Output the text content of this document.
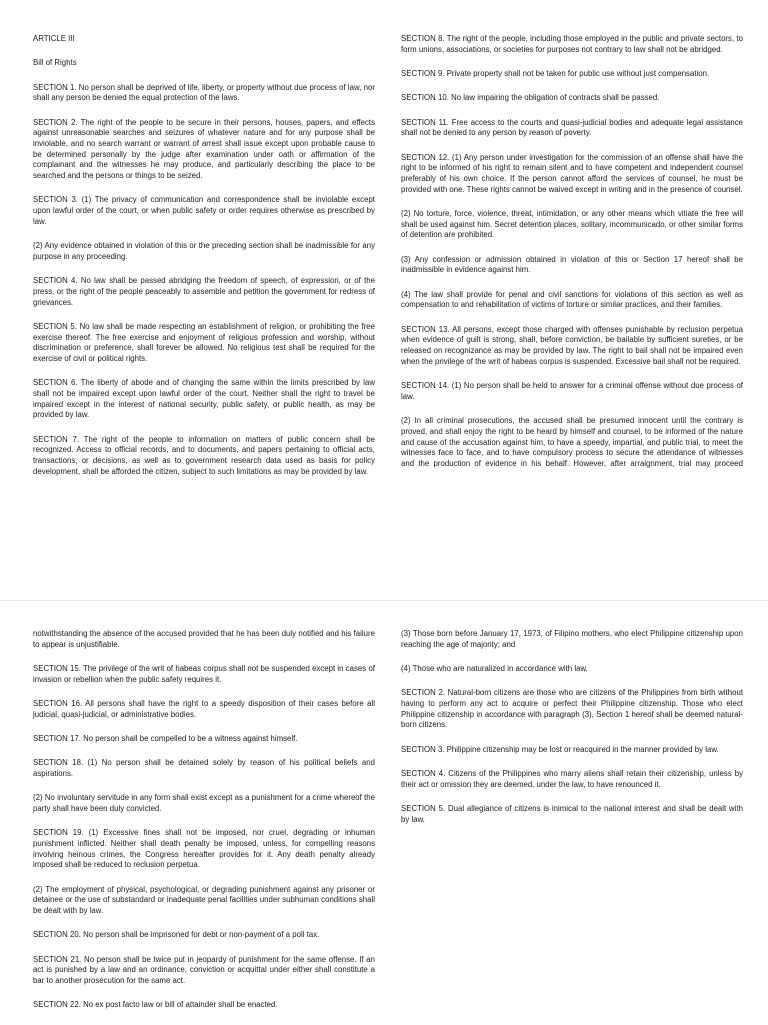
ARTICLE III

Bill of Rights

SECTION 1. No person shall be deprived of life, liberty, or property without due process of law, nor shall any person be denied the equal protection of the laws.

SECTION 2. The right of the people to be secure in their persons, houses, papers, and effects against unreasonable searches and seizures of whatever nature and for any purpose shall be inviolable, and no search warrant or warrant of arrest shall issue except upon probable cause to be determined personally by the judge after examination under oath or affirmation of the complainant and the witnesses he may produce, and particularly describing the place to be searched and the persons or things to be seized.

SECTION 3. (1) The privacy of communication and correspondence shall be inviolable except upon lawful order of the court, or when public safety or order requires otherwise as prescribed by law.

(2) Any evidence obtained in violation of this or the preceding section shall be inadmissible for any purpose in any proceeding.

SECTION 4. No law shall be passed abridging the freedom of speech, of expression, or of the press, or the right of the people peaceably to assemble and petition the government for redress of grievances.

SECTION 5. No law shall be made respecting an establishment of religion, or prohibiting the free exercise thereof. The free exercise and enjoyment of religious profession and worship, without discrimination or preference, shall forever be allowed. No religious test shall be required for the exercise of civil or political rights.

SECTION 6. The liberty of abode and of changing the same within the limits prescribed by law shall not be impaired except upon lawful order of the court. Neither shall the right to travel be impaired except in the interest of national security, public safety, or public health, as may be provided by law.

SECTION 7. The right of the people to information on matters of public concern shall be recognized. Access to official records, and to documents, and papers pertaining to official acts, transactions, or decisions, as well as to government research data used as basis for policy development, shall be afforded the citizen, subject to such limitations as may be provided by law.

SECTION 8. The right of the people, including those employed in the public and private sectors, to form unions, associations, or societies for purposes not contrary to law shall not be abridged.

SECTION 9. Private property shall not be taken for public use without just compensation.

SECTION 10. No law impairing the obligation of contracts shall be passed.

SECTION 11. Free access to the courts and quasi-judicial bodies and adequate legal assistance shall not be denied to any person by reason of poverty.

SECTION 12. (1) Any person under investigation for the commission of an offense shall have the right to be informed of his right to remain silent and to have competent and independent counsel preferably of his own choice. If the person cannot afford the services of counsel, he must be provided with one. These rights cannot be waived except in writing and in the presence of counsel.

(2) No torture, force, violence, threat, intimidation, or any other means which vitiate the free will shall be used against him. Secret detention places, solitary, incommunicado, or other similar forms of detention are prohibited.

(3) Any confession or admission obtained in violation of this or Section 17 hereof shall be inadmissible in evidence against him.

(4) The law shall provide for penal and civil sanctions for violations of this section as well as compensation to and rehabilitation of victims of torture or similar practices, and their families.

SECTION 13. All persons, except those charged with offenses punishable by reclusion perpetua when evidence of guilt is strong, shall, before conviction, be bailable by sufficient sureties, or be released on recognizance as may be provided by law. The right to bail shall not be impaired even when the privilege of the writ of habeas corpus is suspended. Excessive bail shall not be required.

SECTION 14. (1) No person shall be held to answer for a criminal offense without due process of law.

(2) In all criminal prosecutions, the accused shall be presumed innocent until the contrary is proved, and shall enjoy the right to be heard by himself and counsel, to be informed of the nature and cause of the accusation against him, to have a speedy, impartial, and public trial, to meet the witnesses face to face, and to have compulsory process to secure the attendance of witnesses and the production of evidence in his behalf. However, after arraignment, trial may proceed

notwithstanding the absence of the accused provided that he has been duly notified and his failure to appear is unjustifiable.

SECTION 15. The privilege of the writ of habeas corpus shall not be suspended except in cases of invasion or rebellion when the public safety requires it.

SECTION 16. All persons shall have the right to a speedy disposition of their cases before all judicial, quasi-judicial, or administrative bodies.

SECTION 17. No person shall be compelled to be a witness against himself.

SECTION 18. (1) No person shall be detained solely by reason of his political beliefs and aspirations.

(2) No involuntary servitude in any form shall exist except as a punishment for a crime whereof the party shall have been duly convicted.

SECTION 19. (1) Excessive fines shall not be imposed, nor cruel, degrading or inhuman punishment inflicted. Neither shall death penalty be imposed, unless, for compelling reasons involving heinous crimes, the Congress hereafter provides for it. Any death penalty already imposed shall be reduced to reclusion perpetua.

(2) The employment of physical, psychological, or degrading punishment against any prisoner or detainee or the use of substandard or inadequate penal facilities under subhuman conditions shall be dealt with by law.

SECTION 20. No person shall be imprisoned for debt or non-payment of a poll tax.

SECTION 21. No person shall be twice put in jeopardy of punishment for the same offense. If an act is punished by a law and an ordinance, conviction or acquittal under either shall constitute a bar to another prosecution for the same act.

SECTION 22. No ex post facto law or bill of attainder shall be enacted.

(3) Those born before January 17, 1973, of Filipino mothers, who elect Philippine citizenship upon reaching the age of majority; and

(4) Those who are naturalized in accordance with law.

SECTION 2. Natural-born citizens are those who are citizens of the Philippines from birth without having to perform any act to acquire or perfect their Philippine citizenship. Those who elect Philippine citizenship in accordance with paragraph (3), Section 1 hereof shall be deemed natural-born citizens.

SECTION 3. Philippine citizenship may be lost or reacquired in the manner provided by law.

SECTION 4. Citizens of the Philippines who marry aliens shall retain their citizenship, unless by their act or omission they are deemed, under the law, to have renounced it.

SECTION 5. Dual allegiance of citizens is inimical to the national interest and shall be dealt with by law.
